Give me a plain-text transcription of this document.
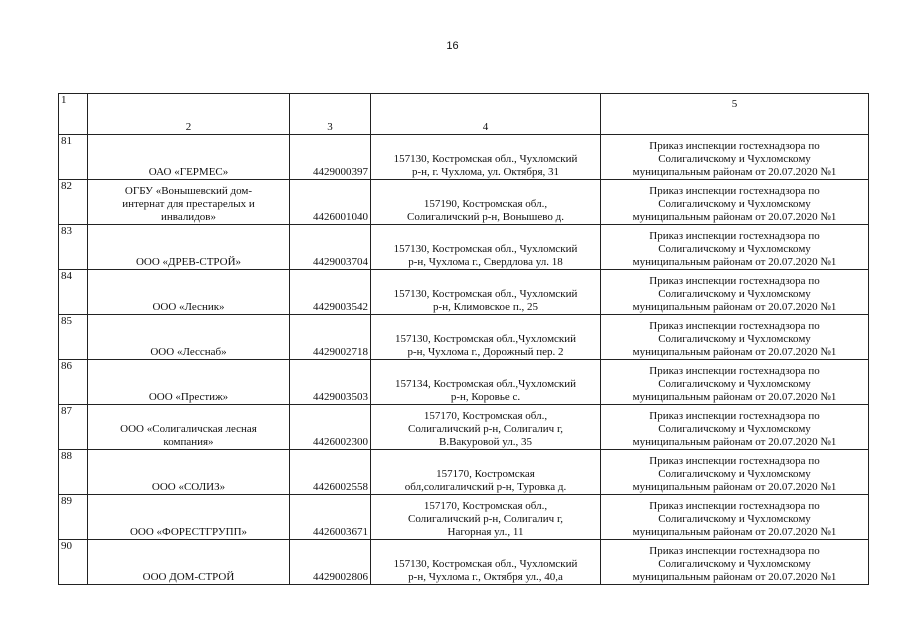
16
1	2	3	4	5
81	ОАО «ГЕРМЕС»	4429000397	157130, Костромская обл., Чухломский
р-н, г. Чухлома, ул. Октября, 31	Приказ инспекции гостехнадзора по
Солигаличскому и Чухломскому
муниципальным районам от 20.07.2020 №1

82	ОГБУ «Вонышевский дом-
интернат для престарелых и
инвалидов»	4426001040	157190, Костромская обл.,
Солигаличский р-н, Вонышево д.	Приказ инспекции гостехнадзора по
Солигаличскому и Чухломскому
муниципальным районам от 20.07.2020 №1

83	ООО «ДРЕВ-СТРОЙ»	4429003704	157130, Костромская обл., Чухломский
р-н, Чухлома г., Свердлова ул. 18	Приказ инспекции гостехнадзора по
Солигаличскому и Чухломскому
муниципальным районам от 20.07.2020 №1

84	ООО «Лесник»	4429003542	157130, Костромская обл., Чухломский
р-н, Климовское п., 25	Приказ инспекции гостехнадзора по
Солигаличскому и Чухломскому
муниципальным районам от 20.07.2020 №1

85	ООО «Лесснаб»	4429002718	157130, Костромская обл.,Чухломский
р-н, Чухлома г., Дорожный пер. 2	Приказ инспекции гостехнадзора по
Солигаличскому и Чухломскому
муниципальным районам от 20.07.2020 №1

86	ООО «Престиж»	4429003503	157134, Костромская обл.,Чухломский
р-н, Коровье с.	Приказ инспекции гостехнадзора по
Солигаличскому и Чухломскому
муниципальным районам от 20.07.2020 №1

87	ООО «Солигаличская лесная
компания»	4426002300	157170, Костромская обл.,
Солигаличский р-н, Солигалич г,
В.Вакуровой ул., 35	Приказ инспекции гостехнадзора по
Солигаличскому и Чухломскому
муниципальным районам от 20.07.2020 №1

88	ООО «СОЛИЗ»	4426002558	157170, Костромская
обл,солигаличский р-н, Туровка д.	Приказ инспекции гостехнадзора по
Солигаличскому и Чухломскому
муниципальным районам от 20.07.2020 №1

89	ООО «ФОРЕСТГРУПП»	4426003671	157170, Костромская обл.,
Солигаличский р-н, Солигалич г,
Нагорная ул., 11	Приказ инспекции гостехнадзора по
Солигаличскому и Чухломскому
муниципальным районам от 20.07.2020 №1

90	ООО ДОМ-СТРОЙ	4429002806	157130, Костромская обл., Чухломский
р-н, Чухлома г., Октября ул., 40,а	Приказ инспекции гостехнадзора по
Солигаличскому и Чухломскому
муниципальным районам от 20.07.2020 №1
